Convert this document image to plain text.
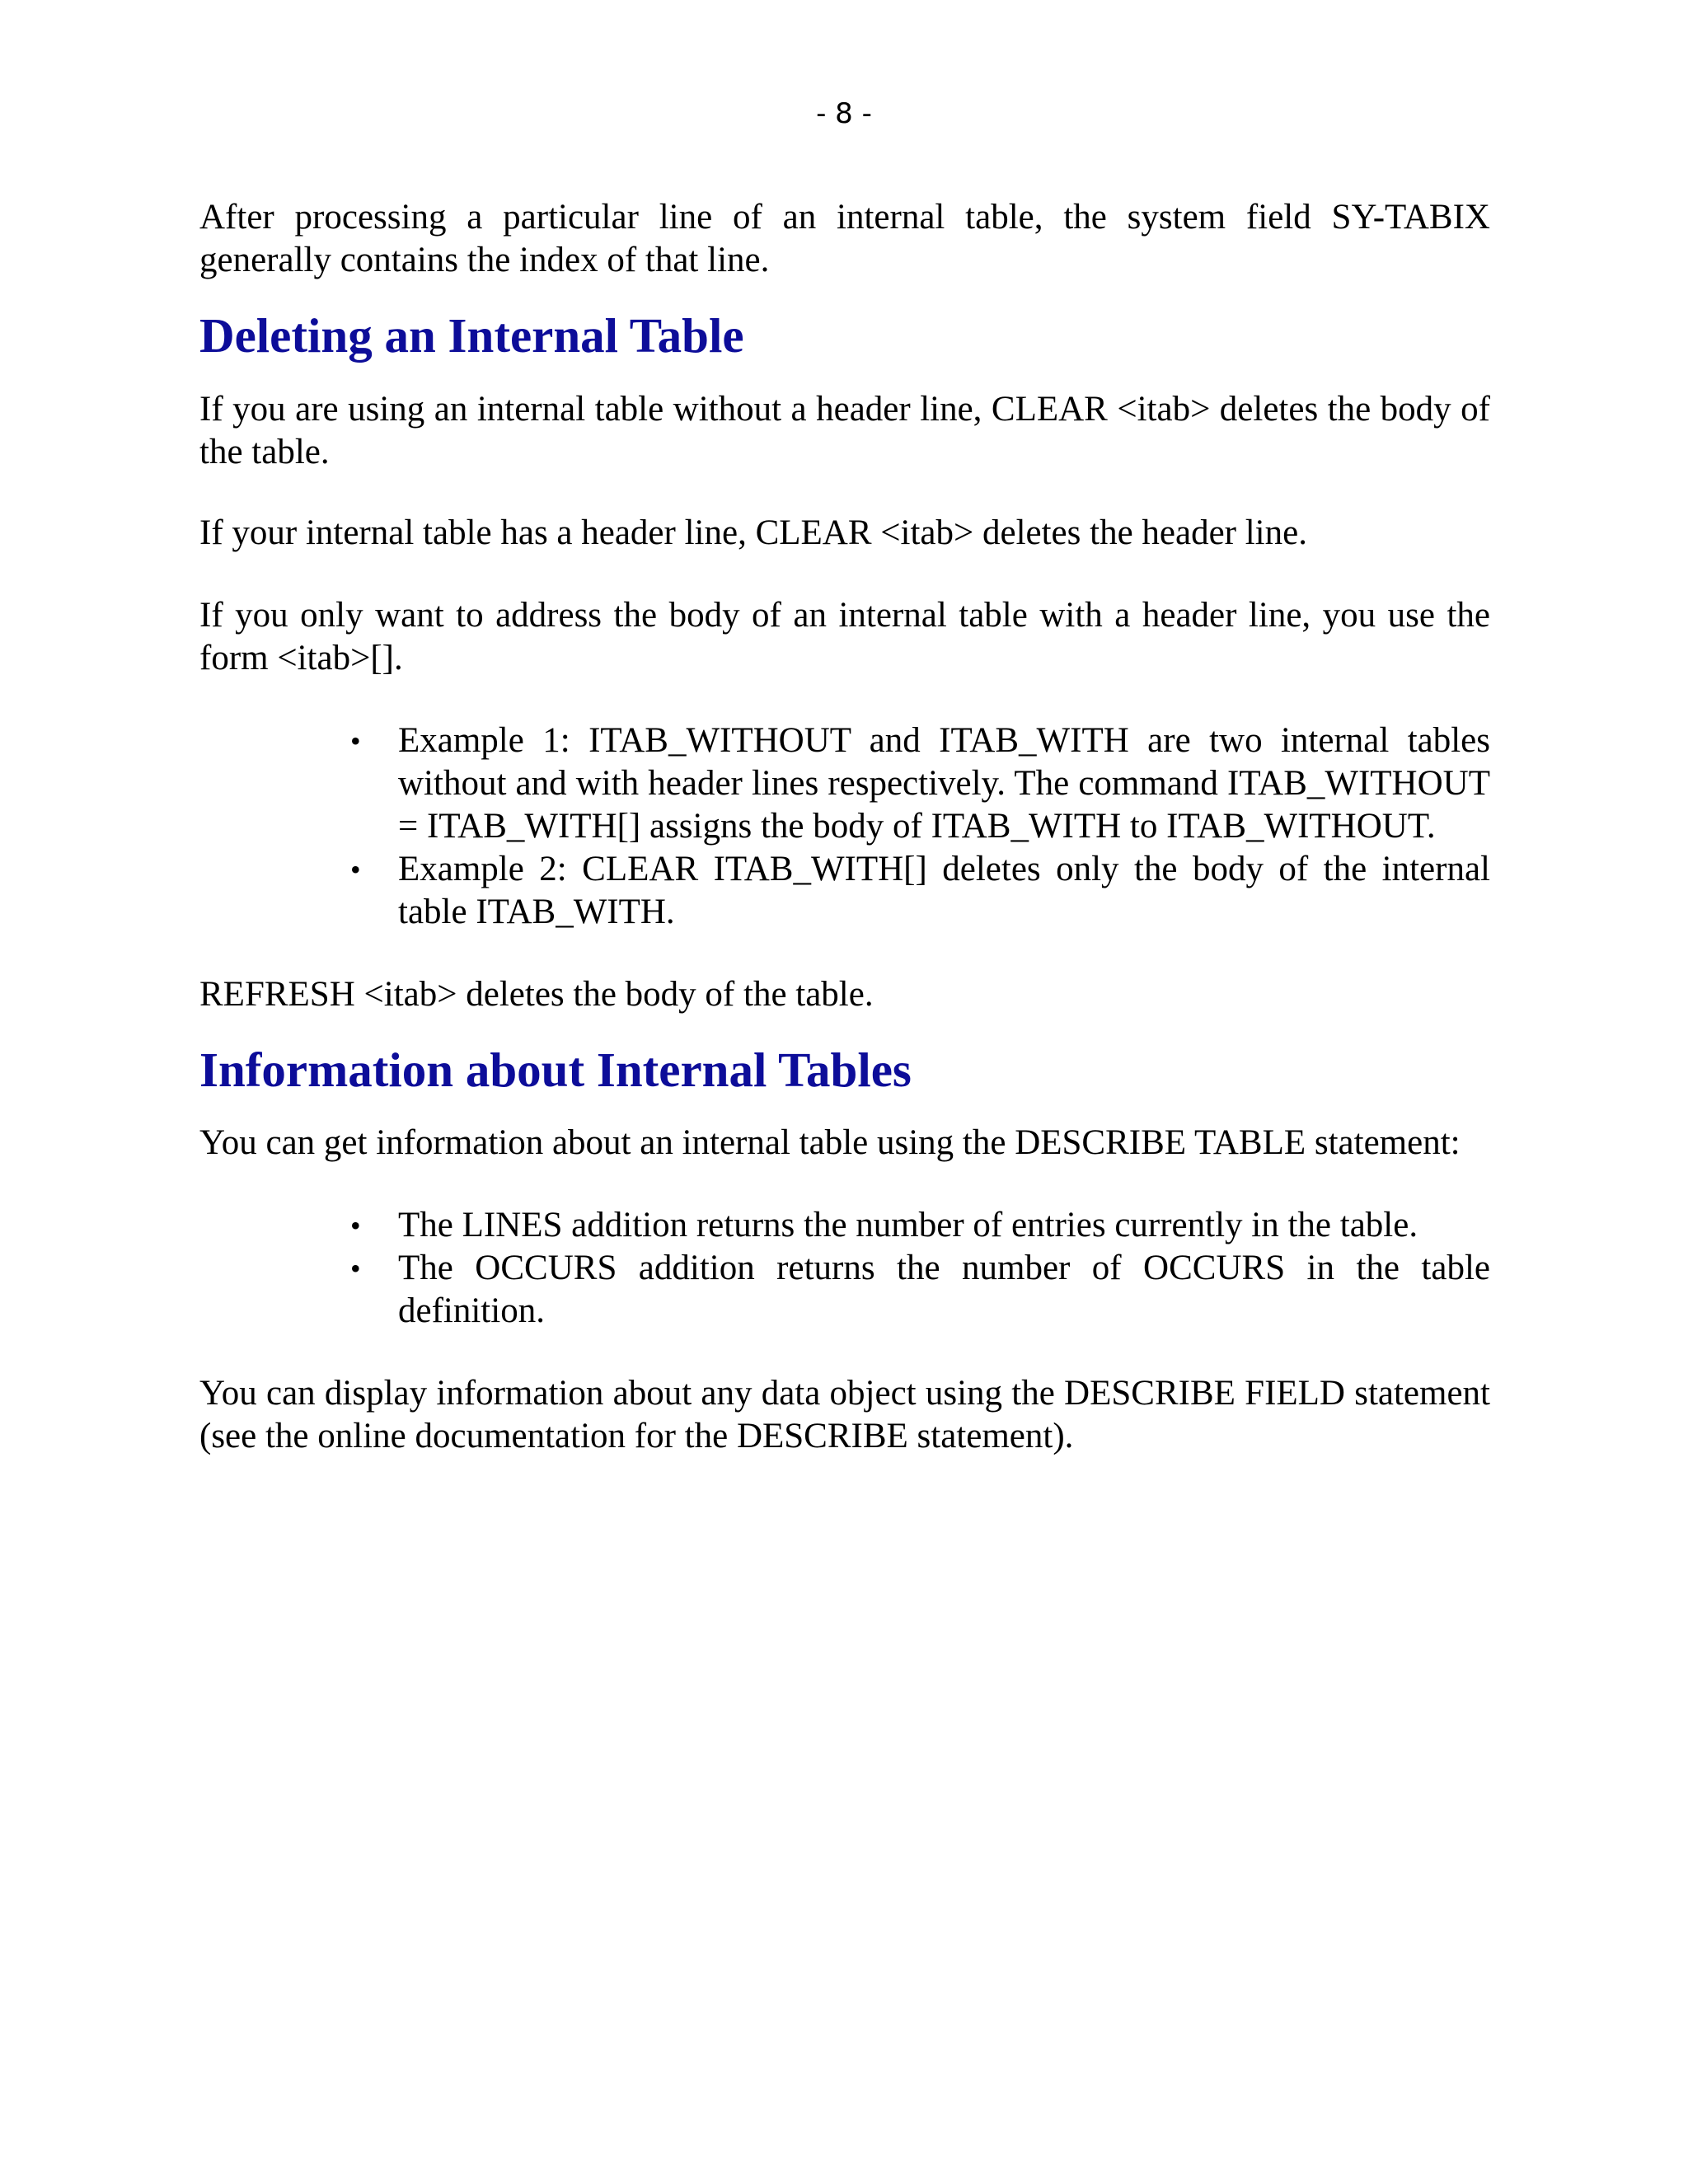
- 8 -

After processing a particular line of an internal table, the system field SY-TABIX generally contains the index of that line.

Deleting an Internal Table

If you are using an internal table without a header line, CLEAR <itab> deletes the body of the table.

If your internal table has a header line, CLEAR <itab> deletes the header line.

If you only want to address the body of an internal table with a header line, you use the form <itab>[].

• Example 1: ITAB_WITHOUT and ITAB_WITH are two internal tables without and with header lines respectively. The command ITAB_WITHOUT = ITAB_WITH[] assigns the body of ITAB_WITH to ITAB_WITHOUT.
• Example 2: CLEAR ITAB_WITH[] deletes only the body of the internal table ITAB_WITH.

REFRESH <itab> deletes the body of the table.

Information about Internal Tables

You can get information about an internal table using the DESCRIBE TABLE statement:

• The LINES addition returns the number of entries currently in the table.
• The OCCURS addition returns the number of OCCURS in the table definition.

You can display information about any data object using the DESCRIBE FIELD statement (see the online documentation for the DESCRIBE statement).
